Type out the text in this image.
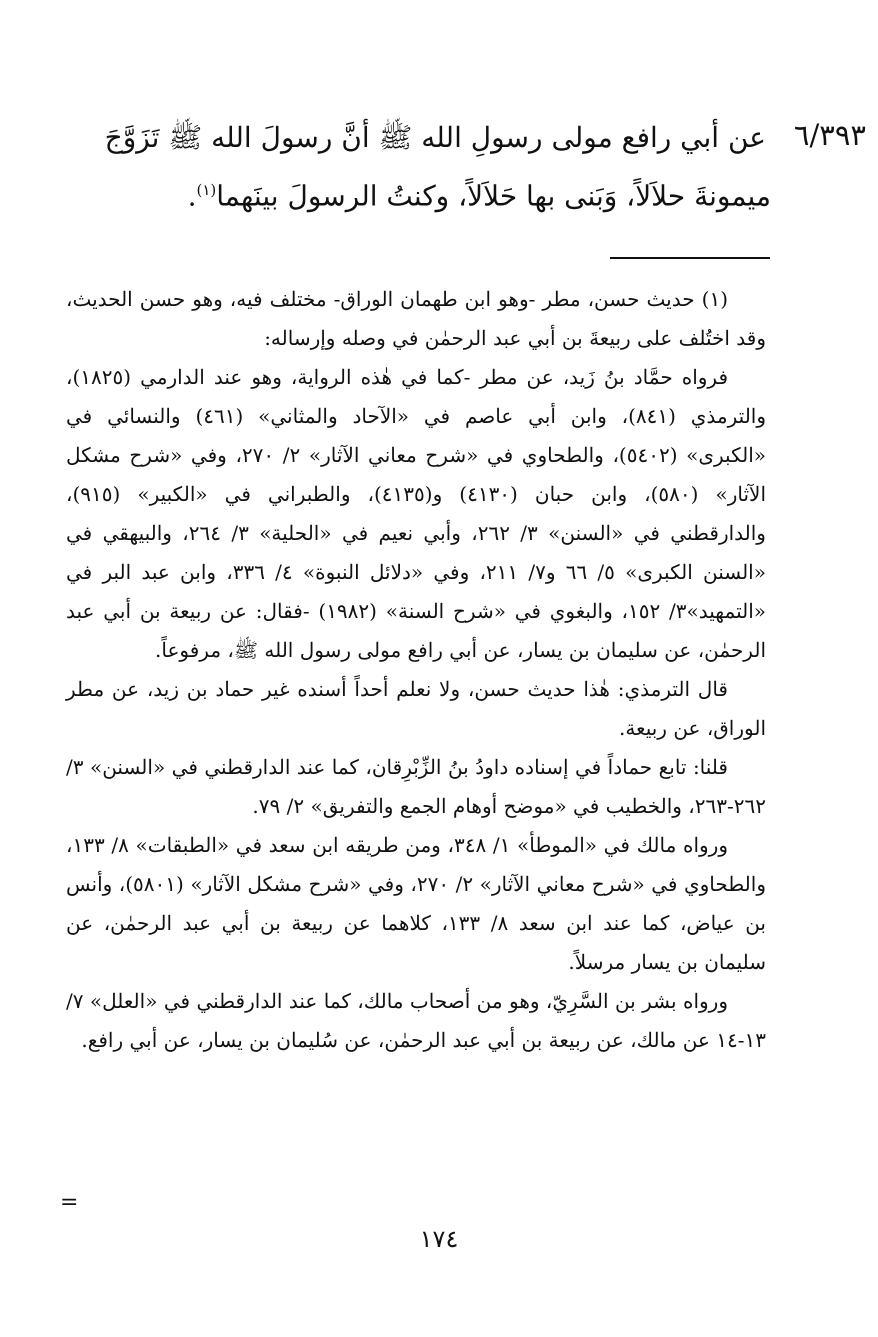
٦/٣٩٣
عن أبي رافع مولى رسولِ الله ﷺ أنَّ رسولَ الله ﷺ تَزَوَّجَ
ميمونةَ حلاَلاً، وَبَنى بها حَلاَلاً، وكنتُ الرسولَ بينَهما$^{(١)}$.

(١) حديث حسن، مطر -وهو ابن طهمان الوراق- مختلف فيه، وهو حسن الحديث، وقد اختُلف على ربيعةَ بن أبي عبد الرحمٰن في وصله وإرساله:

فرواه حمَّاد بنُ زَيد، عن مطر -كما في هٰذه الرواية، وهو عند الدارمي (١٨٢٥)، والترمذي (٨٤١)، وابن أبي عاصم في «الآحاد والمثاني» (٤٦١) والنسائي في «الكبرى» (٥٤٠٢)، والطحاوي في «شرح معاني الآثار» ٢/ ٢٧٠، وفي «شرح مشكل الآثار» (٥٨٠)، وابن حبان (٤١٣٠) و(٤١٣٥)، والطبراني في «الكبير» (٩١٥)، والدارقطني في «السنن» ٣/ ٢٦٢، وأبي نعيم في «الحلية» ٣/ ٢٦٤، والبيهقي في «السنن الكبرى» ٥/ ٦٦ و٧/ ٢١١، وفي «دلائل النبوة» ٤/ ٣٣٦، وابن عبد البر في «التمهيد»٣/ ١٥٢، والبغوي في «شرح السنة» (١٩٨٢) -فقال: عن ربيعة بن أبي عبد الرحمٰن، عن سليمان بن يسار، عن أبي رافع مولى رسول الله ﷺ، مرفوعاً.

قال الترمذي: هٰذا حديث حسن، ولا نعلم أحداً أسنده غير حماد بن زيد، عن مطر الوراق، عن ربيعة.

قلنا: تابع حماداً في إسناده داودُ بنُ الزِّبْرِقان، كما عند الدارقطني في «السنن» ٣/ ٢٦٢-٢٦٣، والخطيب في «موضح أوهام الجمع والتفريق» ٢/ ٧٩.

ورواه مالك في «الموطأ» ١/ ٣٤٨، ومن طريقه ابن سعد في «الطبقات» ٨/ ١٣٣، والطحاوي في «شرح معاني الآثار» ٢/ ٢٧٠، وفي «شرح مشكل الآثار» (٥٨٠١)، وأنس بن عياض، كما عند ابن سعد ٨/ ١٣٣، كلاهما عن ربيعة بن أبي عبد الرحمٰن، عن سليمان بن يسار مرسلاً.

ورواه بشر بن السَّرِيّ، وهو من أصحاب مالك، كما عند الدارقطني في «العلل» ٧/ ١٣-١٤ عن مالك، عن ربيعة بن أبي عبد الرحمٰن، عن سُليمان بن يسار، عن أبي رافع.

=
١٧٤
